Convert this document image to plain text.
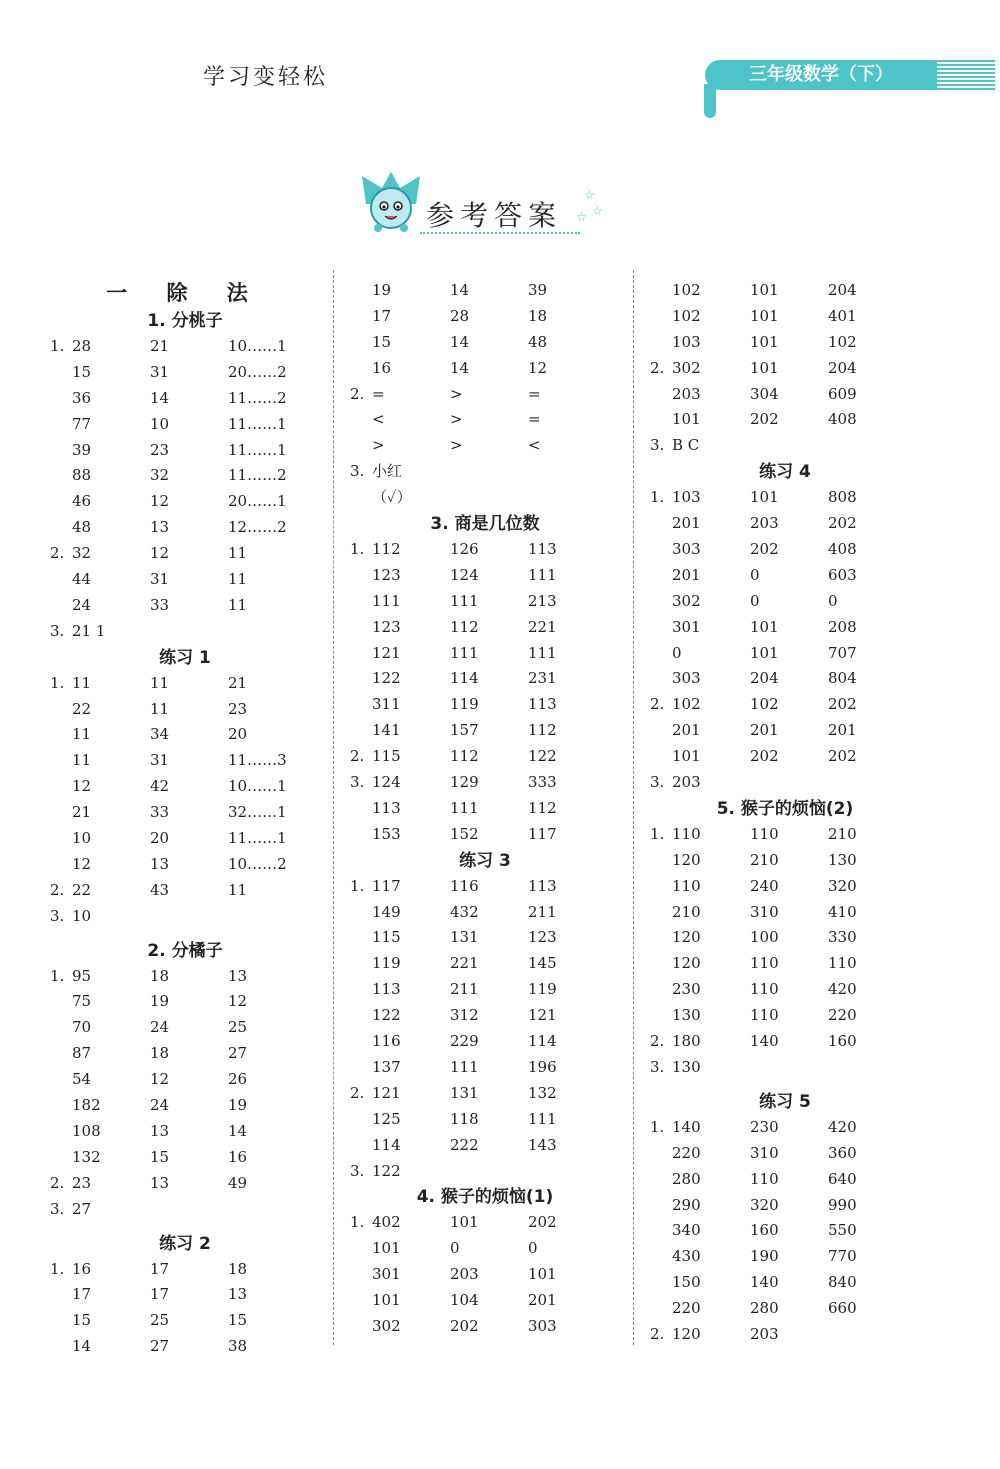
学习变轻松	三年级数学（下）
参考答案
☆
☆
☆
一 除 法
1. 分桃子
1. 28	21	10……1
15	31	20……2
36	14	11……2
77	10	11……1
39	23	11……1
88	32	11……2
46	12	20……1
48	13	12……2
2. 32	12	11
44	31	11
24	33	11
3. 21 1
练习 1
1. 11	11	21
22	11	23
11	34	20
11	31	11……3
12	42	10……1
21	33	32……1
10	20	11……1
12	13	10……2
2. 22	43	11
3. 10
2. 分橘子
1. 95	18	13
75	19	12
70	24	25
87	18	27
54	12	26
182	24	19
108	13	14
132	15	16
2. 23	13	49
3. 27
练习 2
1. 16	17	18
17	17	13
15	25	15
14	27	38
19	14	39
17	28	18
15	14	48
16	14	12
2. =	>	=
<	>	=
>	>	<
3. 小红
（✓）
3. 商是几位数
1. 112	126	113
123	124	111
111	111	213
123	112	221
121	111	111
122	114	231
311	119	113
141	157	112
2. 115	112	122
3. 124	129	333
113	111	112
153	152	117
练习 3
1. 117	116	113
149	432	211
115	131	123
119	221	145
113	211	119
122	312	121
116	229	114
137	111	196
2. 121	131	132
125	118	111
114	222	143
3. 122
4. 猴子的烦恼(1)
1. 402	101	202
101	0	0
301	203	101
101	104	201
302	202	303
102	101	204
102	101	401
103	101	102
2. 302	101	204
203	304	609
101	202	408
3. B C
练习 4
1. 103	101	808
201	203	202
303	202	408
201	0	603
302	0	0
301	101	208
0	101	707
303	204	804
2. 102	102	202
201	201	201
101	202	202
3. 203
5. 猴子的烦恼(2)
1. 110	110	210
120	210	130
110	240	320
210	310	410
120	100	330
120	110	110
230	110	420
130	110	220
2. 180	140	160
3. 130
练习 5
1. 140	230	420
220	310	360
280	110	640
290	320	990
340	160	550
430	190	770
150	140	840
220	280	660
2. 120	203
